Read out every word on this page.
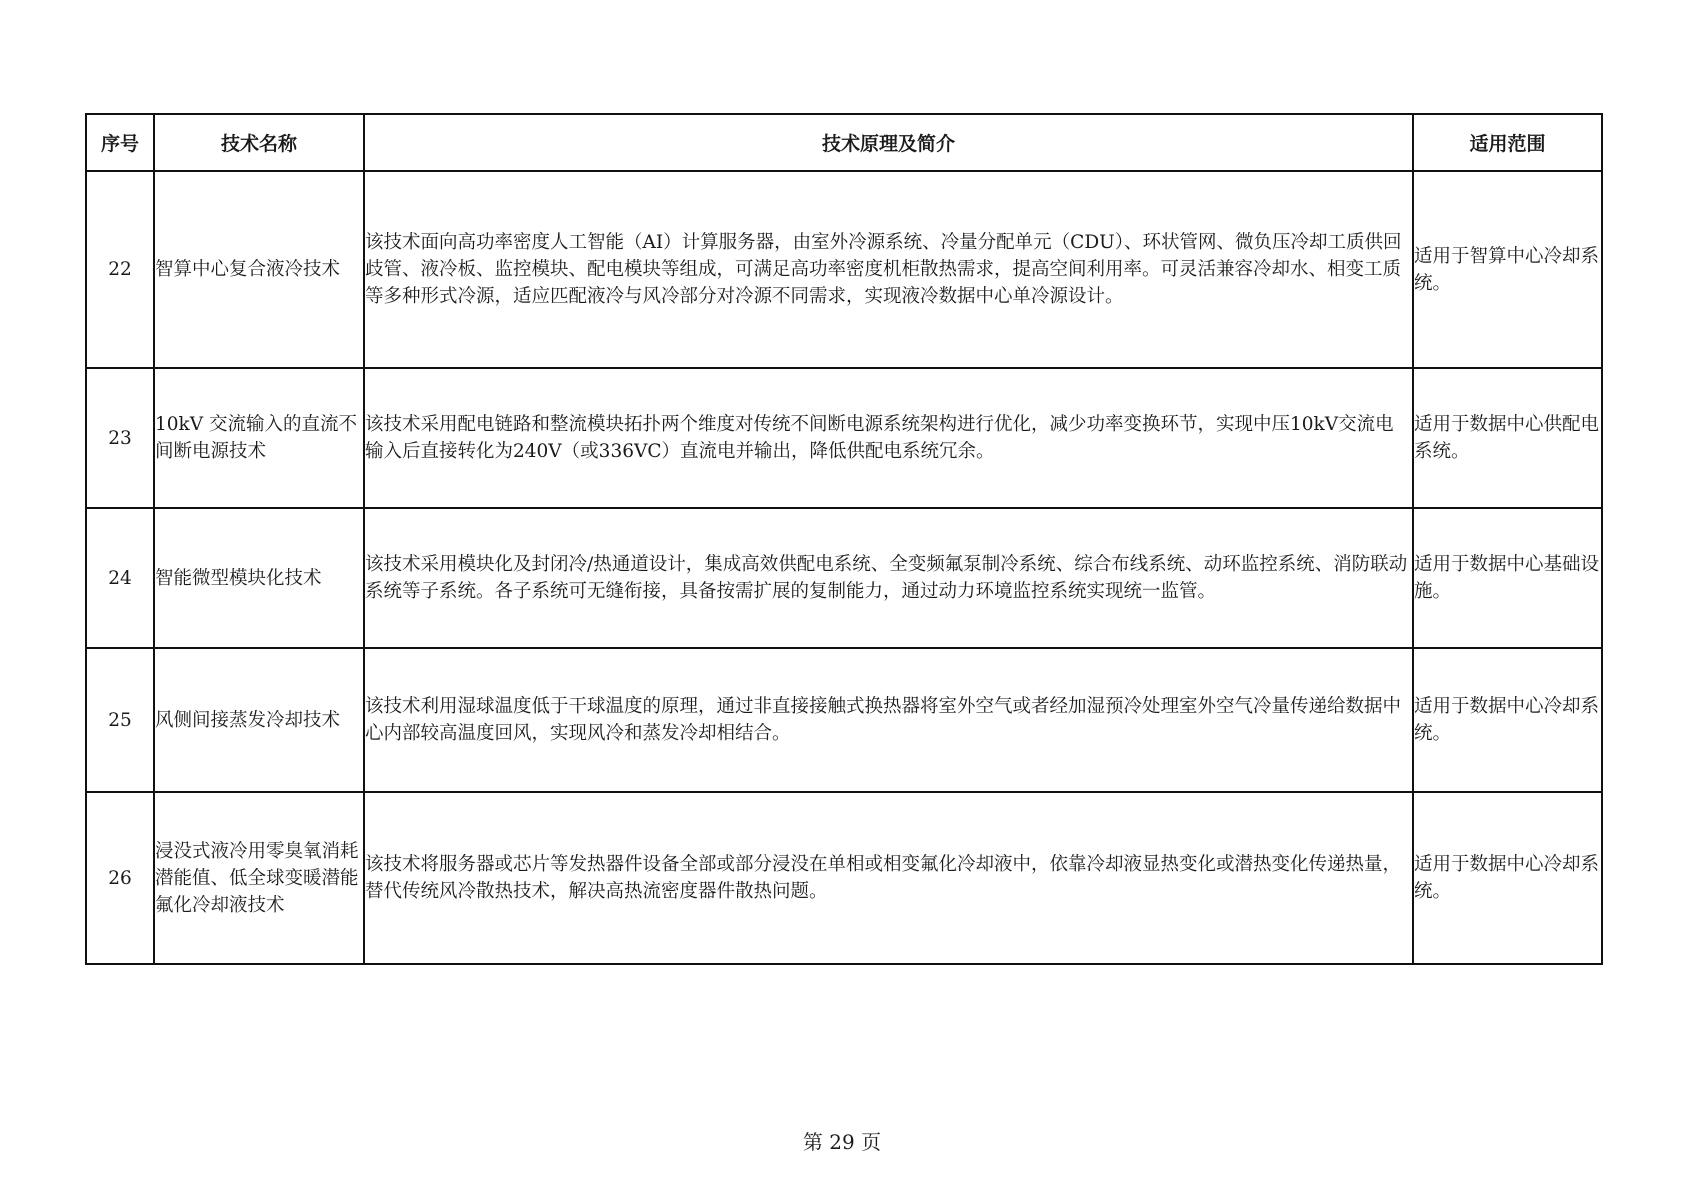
序号	技术名称	技术原理及简介	适用范围
22	智算中心复合液冷技术	该技术面向高功率密度人工智能（AI）计算服务器，由室外冷源系统、冷量分配单元（CDU）、环状管网、微负压冷却工质供回歧管、液冷板、监控模块、配电模块等组成，可满足高功率密度机柜散热需求，提高空间利用率。可灵活兼容冷却水、相变工质等多种形式冷源，适应匹配液冷与风冷部分对冷源不同需求，实现液冷数据中心单冷源设计。	适用于智算中心冷却系统。
23	10kV 交流输入的直流不间断电源技术	该技术采用配电链路和整流模块拓扑两个维度对传统不间断电源系统架构进行优化，减少功率变换环节，实现中压10kV交流电输入后直接转化为240V（或336VC）直流电并输出，降低供配电系统冗余。	适用于数据中心供配电系统。
24	智能微型模块化技术	该技术采用模块化及封闭冷/热通道设计，集成高效供配电系统、全变频氟泵制冷系统、综合布线系统、动环监控系统、消防联动系统等子系统。各子系统可无缝衔接，具备按需扩展的复制能力，通过动力环境监控系统实现统一监管。	适用于数据中心基础设施。
25	风侧间接蒸发冷却技术	该技术利用湿球温度低于干球温度的原理，通过非直接接触式换热器将室外空气或者经加湿预冷处理室外空气冷量传递给数据中心内部较高温度回风，实现风冷和蒸发冷却相结合。	适用于数据中心冷却系统。
26	浸没式液冷用零臭氧消耗潜能值、低全球变暖潜能氟化冷却液技术	该技术将服务器或芯片等发热器件设备全部或部分浸没在单相或相变氟化冷却液中，依靠冷却液显热变化或潜热变化传递热量，替代传统风冷散热技术，解决高热流密度器件散热问题。	适用于数据中心冷却系统。
第 29 页
